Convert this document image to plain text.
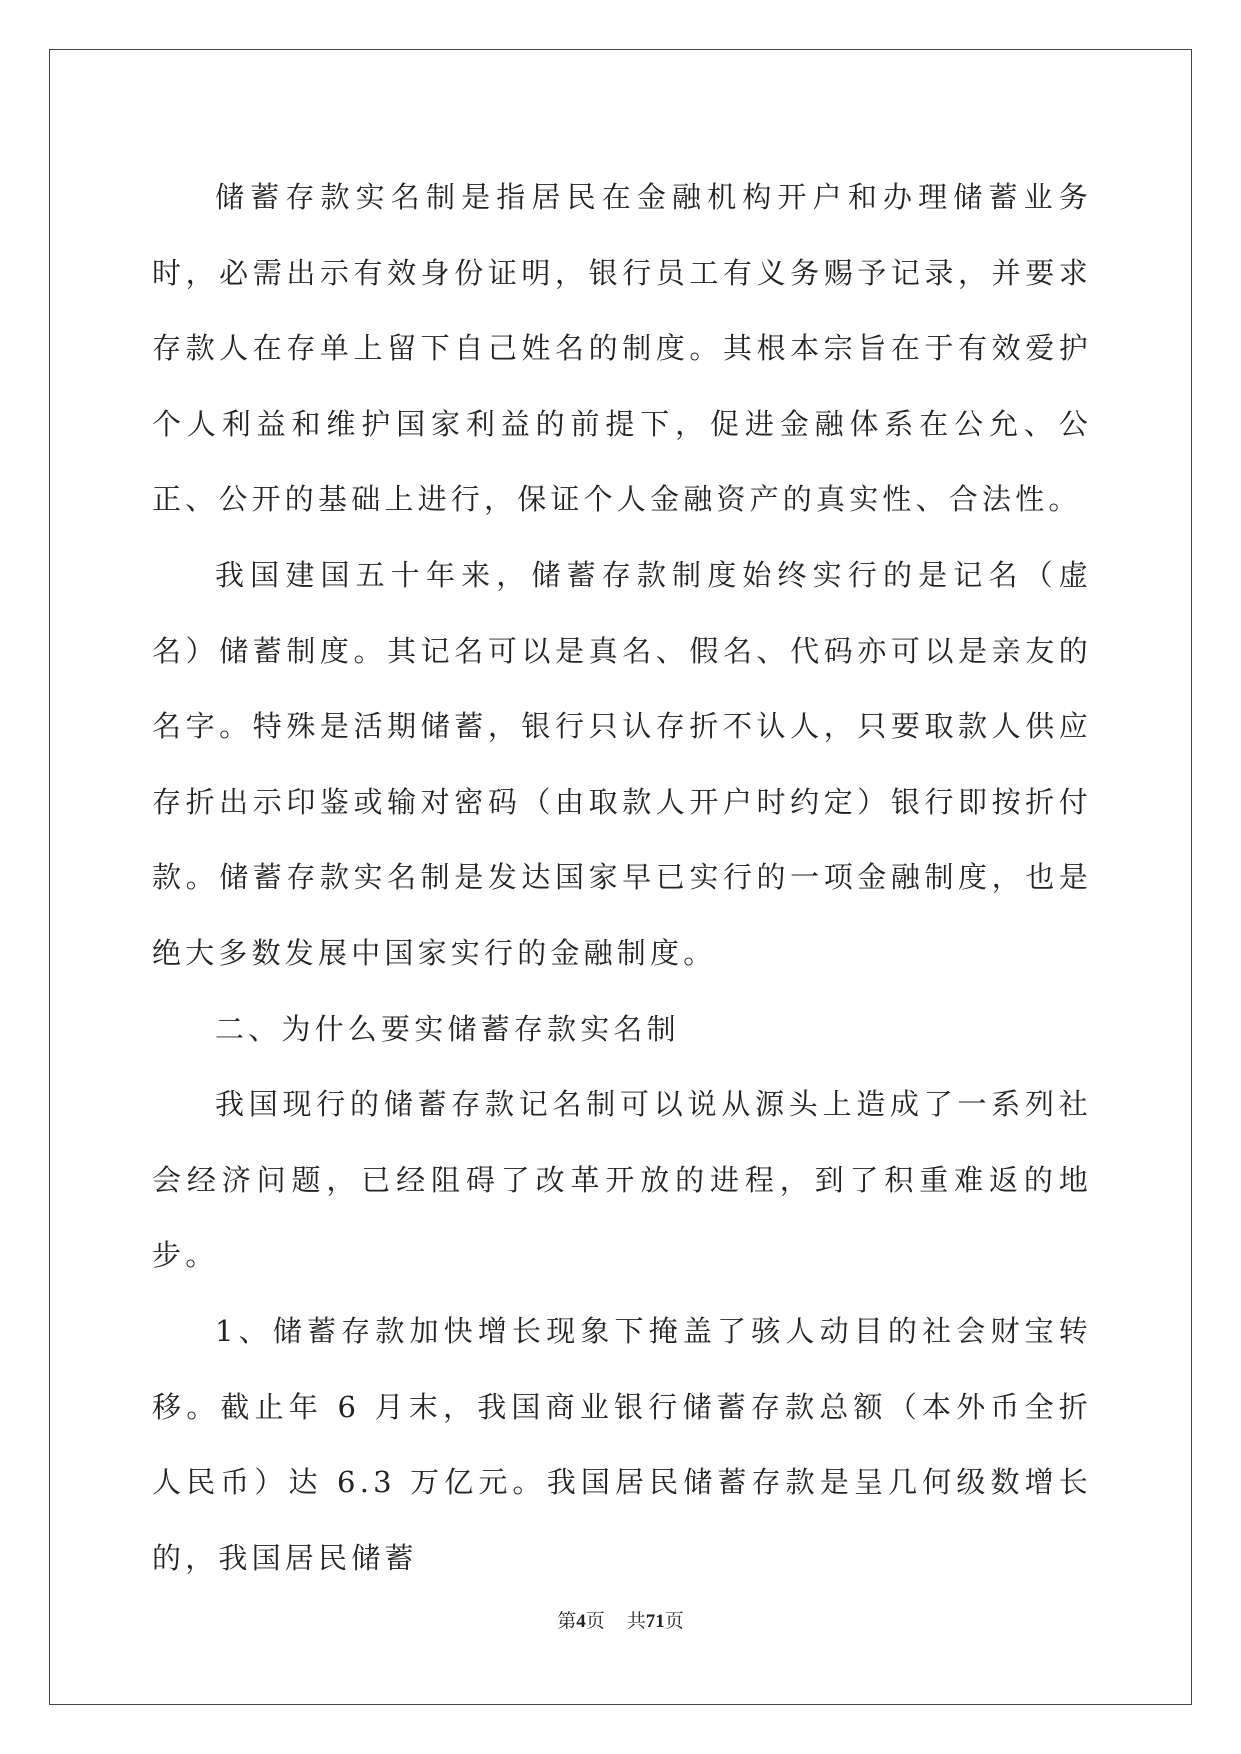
储蓄存款实名制是指居民在金融机构开户和办理储蓄业务时，必需出示有效身份证明，银行员工有义务赐予记录，并要求存款人在存单上留下自己姓名的制度。其根本宗旨在于有效爱护个人利益和维护国家利益的前提下，促进金融体系在公允、公正、公开的基础上进行，保证个人金融资产的真实性、合法性。

我国建国五十年来，储蓄存款制度始终实行的是记名（虚名）储蓄制度。其记名可以是真名、假名、代码亦可以是亲友的名字。特殊是活期储蓄，银行只认存折不认人，只要取款人供应存折出示印鉴或输对密码（由取款人开户时约定）银行即按折付款。储蓄存款实名制是发达国家早已实行的一项金融制度，也是绝大多数发展中国家实行的金融制度。

二、为什么要实储蓄存款实名制

我国现行的储蓄存款记名制可以说从源头上造成了一系列社会经济问题，已经阻碍了改革开放的进程，到了积重难返的地步。

1、储蓄存款加快增长现象下掩盖了骇人动目的社会财宝转移。截止年 6 月末，我国商业银行储蓄存款总额（本外币全折人民币）达 6.3 万亿元。我国居民储蓄存款是呈几何级数增长的，我国居民储蓄

第4页 共71页
